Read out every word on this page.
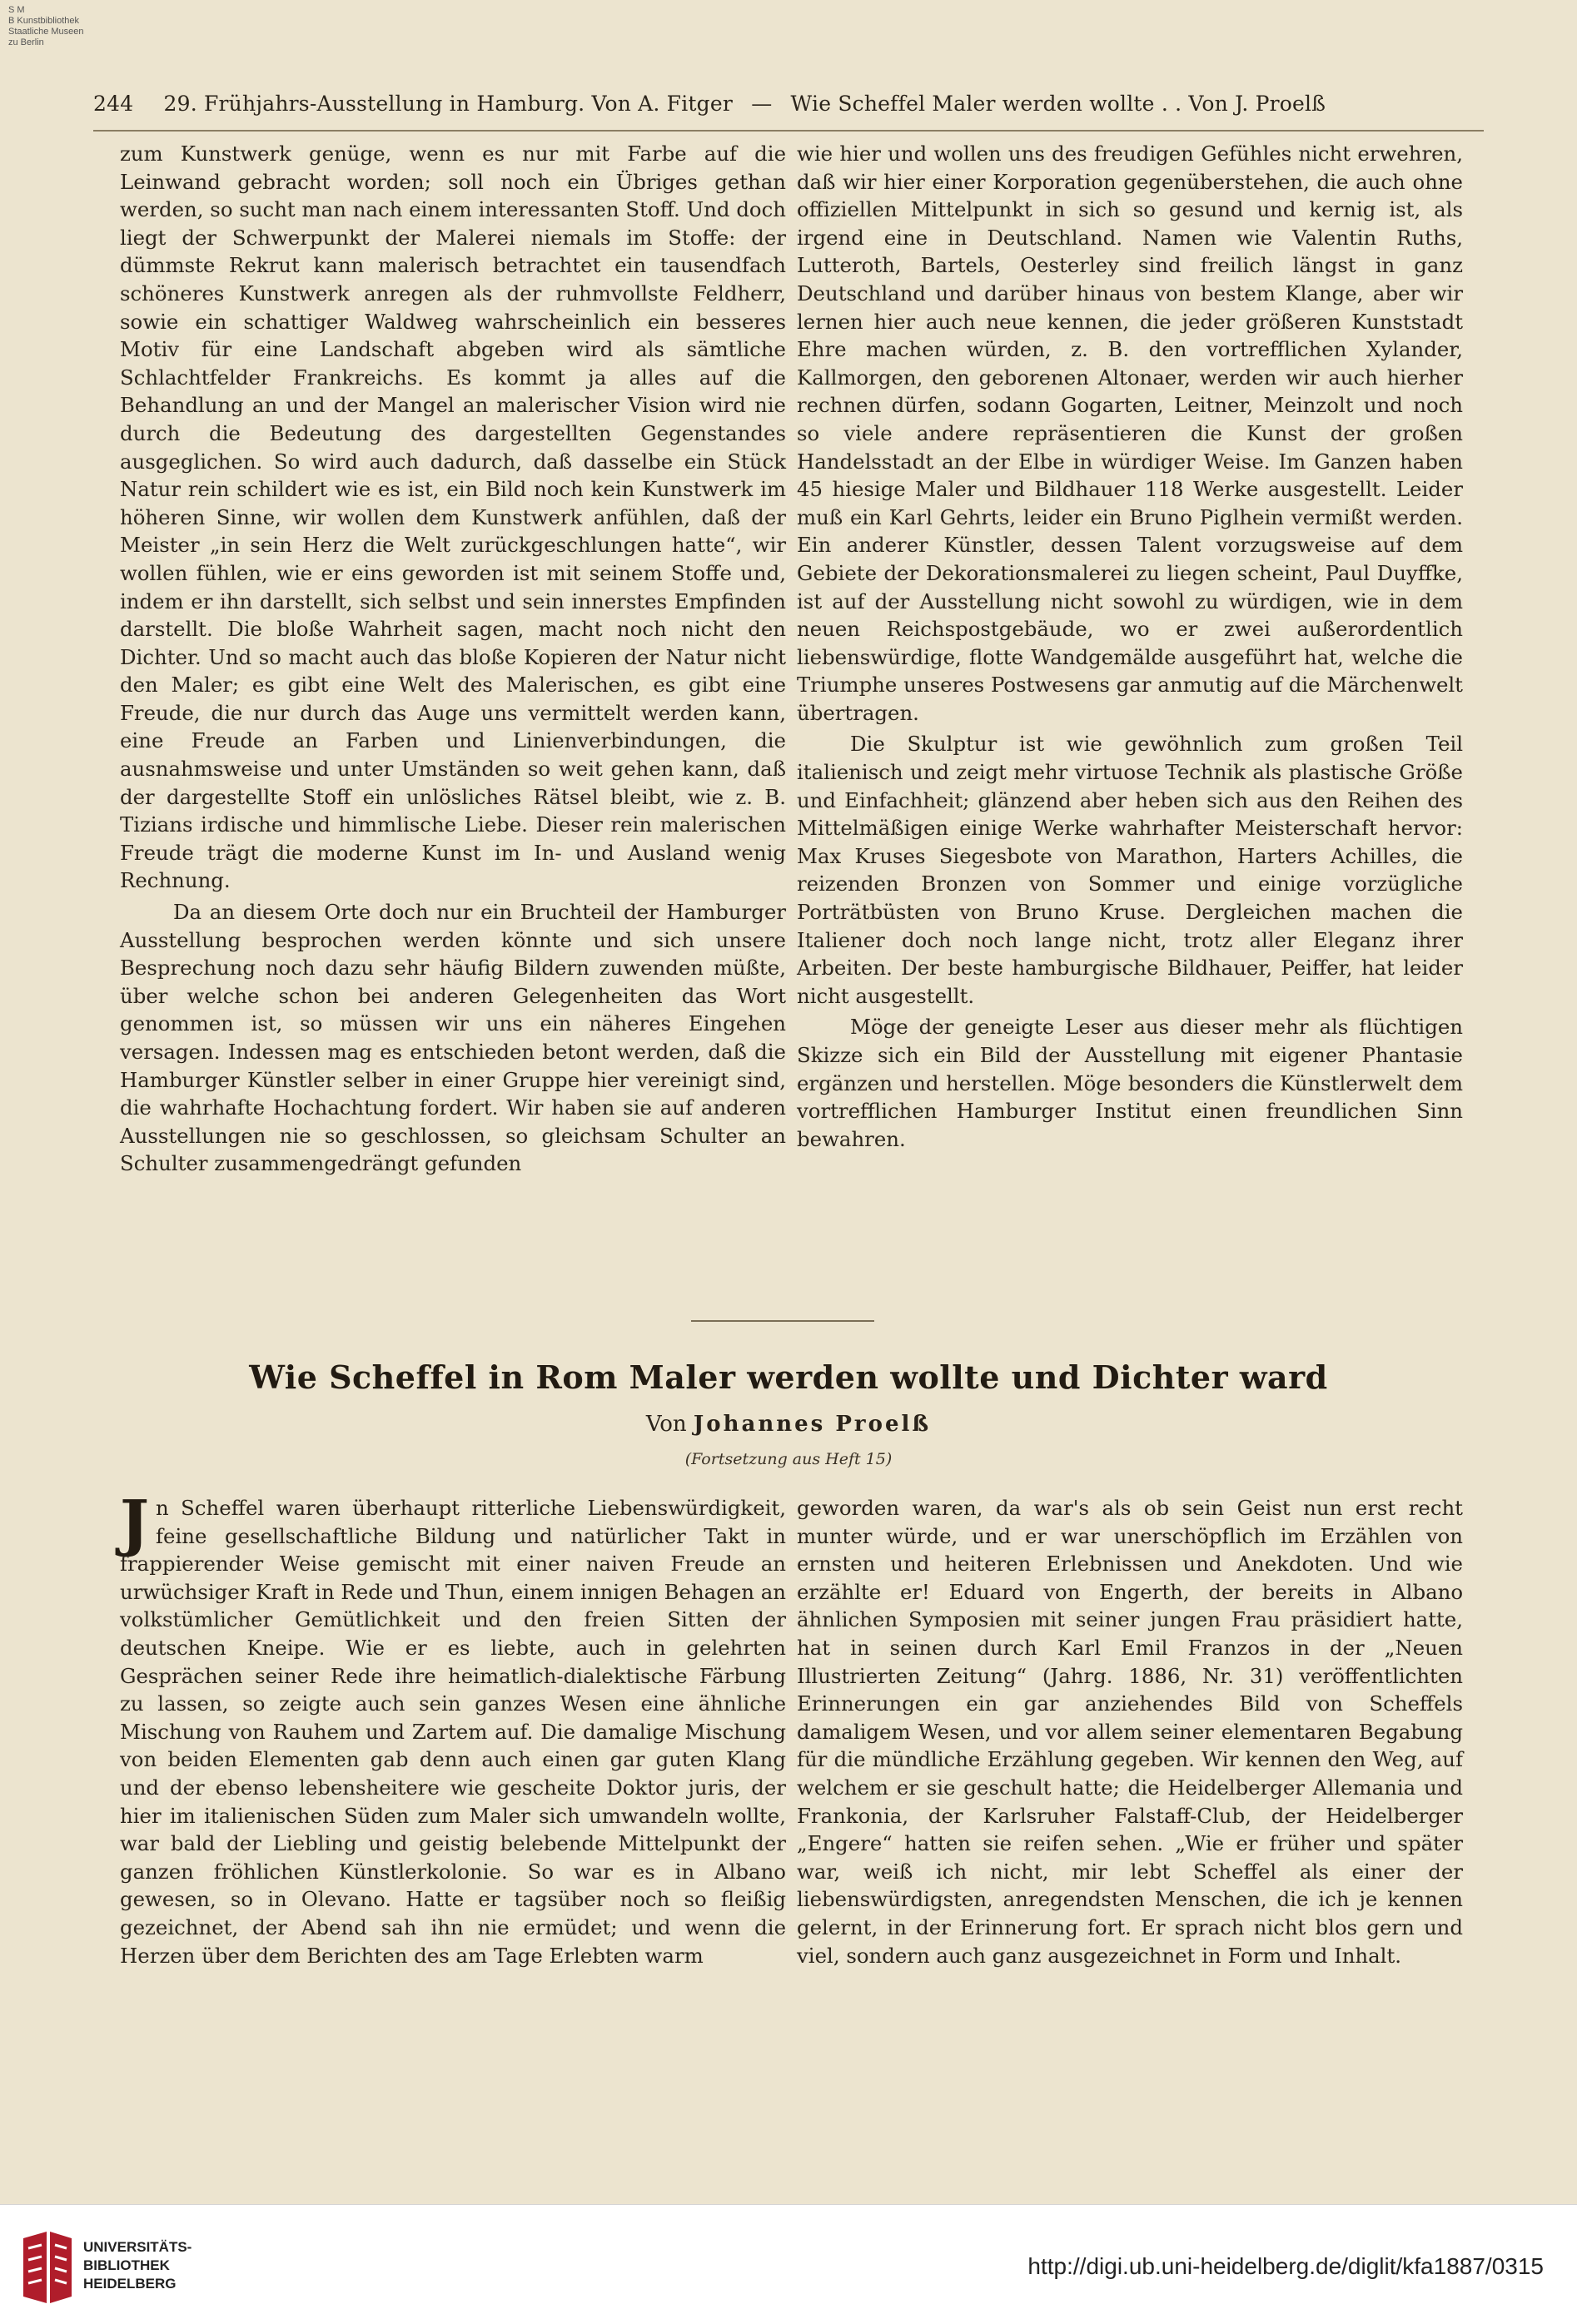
S M
B Kunstbibliothek
Staatliche Museen
zu Berlin
244 29. Frühjahrs-Ausstellung in Hamburg. Von A. Fitger — Wie Scheffel Maler werden wollte . . Von J. Proelß

zum Kunstwerk genüge, wenn es nur mit Farbe auf die Leinwand gebracht worden; soll noch ein Übriges gethan werden, so sucht man nach einem interessanten Stoff. Und doch liegt der Schwerpunkt der Malerei niemals im Stoffe: der dümmste Rekrut kann malerisch betrachtet ein tausendfach schöneres Kunstwerk anregen als der ruhmvollste Feldherr, sowie ein schattiger Waldweg wahrscheinlich ein besseres Motiv für eine Landschaft abgeben wird als sämtliche Schlachtfelder Frankreichs. Es kommt ja alles auf die Behandlung an und der Mangel an malerischer Vision wird nie durch die Bedeutung des dargestellten Gegenstandes ausgeglichen. So wird auch dadurch, daß dasselbe ein Stück Natur rein schildert wie es ist, ein Bild noch kein Kunstwerk im höheren Sinne, wir wollen dem Kunstwerk anfühlen, daß der Meister „in sein Herz die Welt zurückgeschlungen hatte“, wir wollen fühlen, wie er eins geworden ist mit seinem Stoffe und, indem er ihn darstellt, sich selbst und sein innerstes Empfinden darstellt. Die bloße Wahrheit sagen, macht noch nicht den Dichter. Und so macht auch das bloße Kopieren der Natur nicht den Maler; es gibt eine Welt des Malerischen, es gibt eine Freude, die nur durch das Auge uns vermittelt werden kann, eine Freude an Farben und Linienverbindungen, die ausnahmsweise und unter Umständen so weit gehen kann, daß der dargestellte Stoff ein unlösliches Rätsel bleibt, wie z. B. Tizians irdische und himmlische Liebe. Dieser rein malerischen Freude trägt die moderne Kunst im In- und Ausland wenig Rechnung.

Da an diesem Orte doch nur ein Bruchteil der Hamburger Ausstellung besprochen werden könnte und sich unsere Besprechung noch dazu sehr häufig Bildern zuwenden müßte, über welche schon bei anderen Gelegenheiten das Wort genommen ist, so müssen wir uns ein näheres Eingehen versagen. Indessen mag es entschieden betont werden, daß die Hamburger Künstler selber in einer Gruppe hier vereinigt sind, die wahrhafte Hochachtung fordert. Wir haben sie auf anderen Ausstellungen nie so geschlossen, so gleichsam Schulter an Schulter zusammengedrängt gefunden

wie hier und wollen uns des freudigen Gefühles nicht erwehren, daß wir hier einer Korporation gegenüberstehen, die auch ohne offiziellen Mittelpunkt in sich so gesund und kernig ist, als irgend eine in Deutschland. Namen wie Valentin Ruths, Lutteroth, Bartels, Oesterley sind freilich längst in ganz Deutschland und darüber hinaus von bestem Klange, aber wir lernen hier auch neue kennen, die jeder größeren Kunststadt Ehre machen würden, z. B. den vortrefflichen Xylander, Kallmorgen, den geborenen Altonaer, werden wir auch hierher rechnen dürfen, sodann Gogarten, Leitner, Meinzolt und noch so viele andere repräsentieren die Kunst der großen Handelsstadt an der Elbe in würdiger Weise. Im Ganzen haben 45 hiesige Maler und Bildhauer 118 Werke ausgestellt. Leider muß ein Karl Gehrts, leider ein Bruno Piglhein vermißt werden. Ein anderer Künstler, dessen Talent vorzugsweise auf dem Gebiete der Dekorationsmalerei zu liegen scheint, Paul Duyffke, ist auf der Ausstellung nicht sowohl zu würdigen, wie in dem neuen Reichspostgebäude, wo er zwei außerordentlich liebenswürdige, flotte Wandgemälde ausgeführt hat, welche die Triumphe unseres Postwesens gar anmutig auf die Märchenwelt übertragen.

Die Skulptur ist wie gewöhnlich zum großen Teil italienisch und zeigt mehr virtuose Technik als plastische Größe und Einfachheit; glänzend aber heben sich aus den Reihen des Mittelmäßigen einige Werke wahrhafter Meisterschaft hervor: Max Kruses Siegesbote von Marathon, Harters Achilles, die reizenden Bronzen von Sommer und einige vorzügliche Porträtbüsten von Bruno Kruse. Dergleichen machen die Italiener doch noch lange nicht, trotz aller Eleganz ihrer Arbeiten. Der beste hamburgische Bildhauer, Peiffer, hat leider nicht ausgestellt.

Möge der geneigte Leser aus dieser mehr als flüchtigen Skizze sich ein Bild der Ausstellung mit eigener Phantasie ergänzen und herstellen. Möge besonders die Künstlerwelt dem vortrefflichen Hamburger Institut einen freundlichen Sinn bewahren.

Wie Scheffel in Rom Maler werden wollte und Dichter ward
Von Johannes Proelß
(Fortsetzung aus Heft 15)

Jn Scheffel waren überhaupt ritterliche Liebenswürdigkeit, feine gesellschaftliche Bildung und natürlicher Takt in frappierender Weise gemischt mit einer naiven Freude an urwüchsiger Kraft in Rede und Thun, einem innigen Behagen an volkstümlicher Gemütlichkeit und den freien Sitten der deutschen Kneipe. Wie er es liebte, auch in gelehrten Gesprächen seiner Rede ihre heimatlich-dialektische Färbung zu lassen, so zeigte auch sein ganzes Wesen eine ähnliche Mischung von Rauhem und Zartem auf. Die damalige Mischung von beiden Elementen gab denn auch einen gar guten Klang und der ebenso lebensheitere wie gescheite Doktor juris, der hier im italienischen Süden zum Maler sich umwandeln wollte, war bald der Liebling und geistig belebende Mittelpunkt der ganzen fröhlichen Künstlerkolonie. So war es in Albano gewesen, so in Olevano. Hatte er tagsüber noch so fleißig gezeichnet, der Abend sah ihn nie ermüdet; und wenn die Herzen über dem Berichten des am Tage Erlebten warm

geworden waren, da war's als ob sein Geist nun erst recht munter würde, und er war unerschöpflich im Erzählen von ernsten und heiteren Erlebnissen und Anekdoten. Und wie erzählte er! Eduard von Engerth, der bereits in Albano ähnlichen Symposien mit seiner jungen Frau präsidiert hatte, hat in seinen durch Karl Emil Franzos in der „Neuen Illustrierten Zeitung“ (Jahrg. 1886, Nr. 31) veröffentlichten Erinnerungen ein gar anziehendes Bild von Scheffels damaligem Wesen, und vor allem seiner elementaren Begabung für die mündliche Erzählung gegeben. Wir kennen den Weg, auf welchem er sie geschult hatte; die Heidelberger Allemania und Frankonia, der Karlsruher Falstaff-Club, der Heidelberger „Engere“ hatten sie reifen sehen. „Wie er früher und später war, weiß ich nicht, mir lebt Scheffel als einer der liebenswürdigsten, anregendsten Menschen, die ich je kennen gelernt, in der Erinnerung fort. Er sprach nicht blos gern und viel, sondern auch ganz ausgezeichnet in Form und Inhalt.

UNIVERSITÄTS-
BIBLIOTHEK
HEIDELBERG
http://digi.ub.uni-heidelberg.de/diglit/kfa1887/0315
